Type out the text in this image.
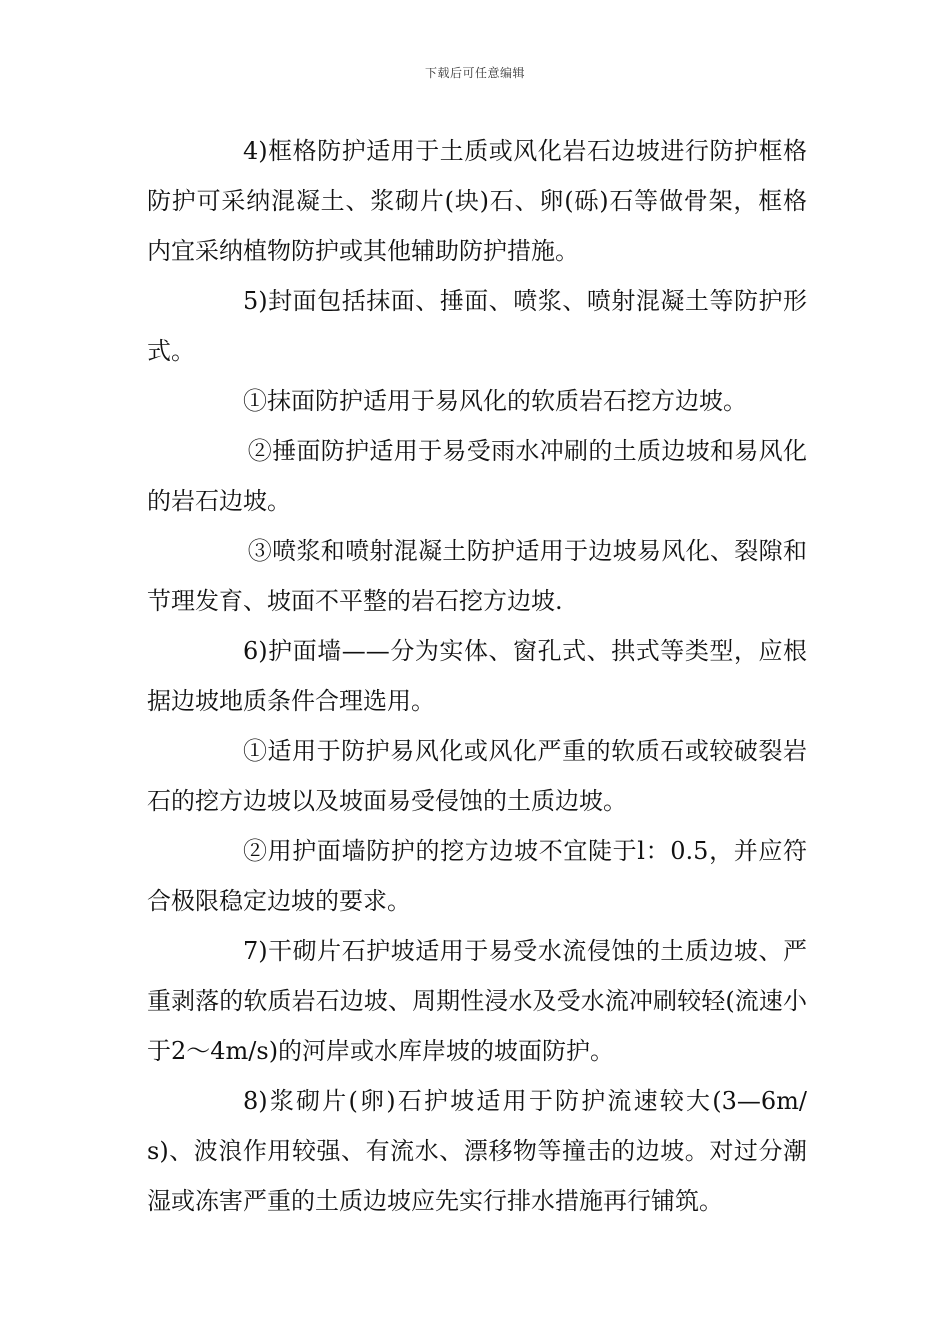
下载后可任意编辑

4)框格防护适用于土质或风化岩石边坡进行防护框格防护可采纳混凝土、浆砌片(块)石、卵(砾)石等做骨架，框格内宜采纳植物防护或其他辅助防护措施。

5)封面包括抹面、捶面、喷浆、喷射混凝土等防护形式。

①抹面防护适用于易风化的软质岩石挖方边坡。

②捶面防护适用于易受雨水冲刷的土质边坡和易风化的岩石边坡。

③喷浆和喷射混凝土防护适用于边坡易风化、裂隙和节理发育、坡面不平整的岩石挖方边坡.

6)护面墙——分为实体、窗孔式、拱式等类型，应根据边坡地质条件合理选用。

①适用于防护易风化或风化严重的软质石或较破裂岩石的挖方边坡以及坡面易受侵蚀的土质边坡。

②用护面墙防护的挖方边坡不宜陡于l：0.5，并应符合极限稳定边坡的要求。

7)干砌片石护坡适用于易受水流侵蚀的土质边坡、严重剥落的软质岩石边坡、周期性浸水及受水流冲刷较轻(流速小于2～4m/s)的河岸或水库岸坡的坡面防护。

8)浆砌片(卵)石护坡适用于防护流速较大(3—6m/s)、波浪作用较强、有流水、漂移物等撞击的边坡。对过分潮湿或冻害严重的土质边坡应先实行排水措施再行铺筑。
